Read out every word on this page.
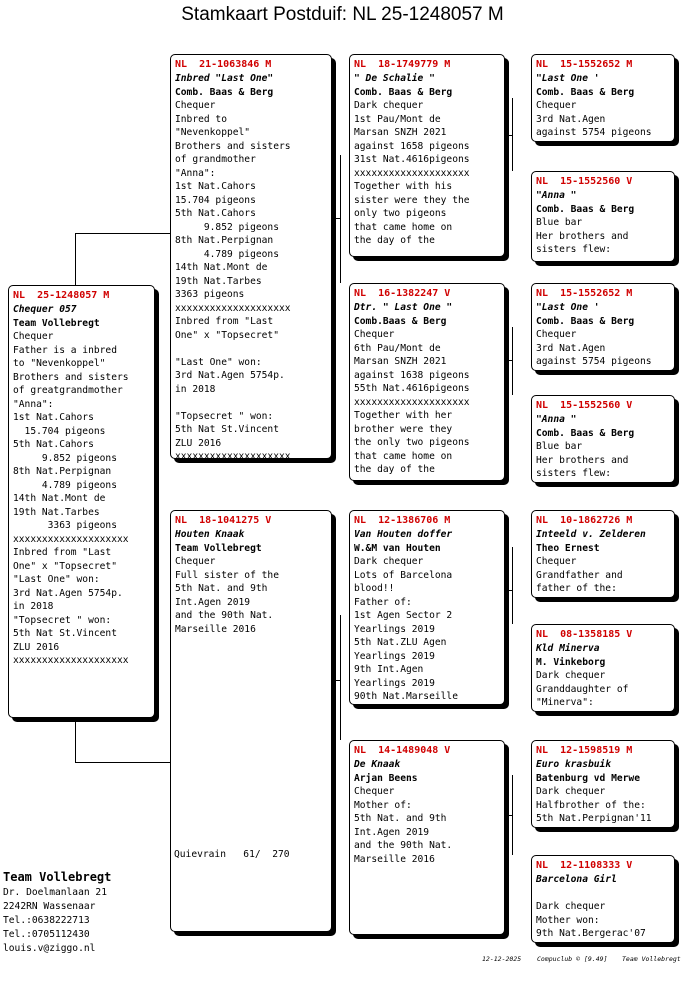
Stamkaart Postduif: NL 25-1248057 M
NL  25-1248057 M
Chequer 057
Team Vollebregt
Chequer
Father is a inbred
to "Nevenkoppel"
Brothers and sisters
of greatgrandmother
"Anna":
1st Nat.Cahors
15.704 pigeons
5th Nat.Cahors
9.852 pigeons
8th Nat.Perpignan
4.789 pigeons
14th Nat.Mont de
19th Nat.Tarbes
3363 pigeons
xxxxxxxxxxxxxxxxxxxx
Inbred from "Last
One" x "Topsecret"
"Last One" won:
3rd Nat.Agen 5754p.
in 2018
"Topsecret " won:
5th Nat St.Vincent
ZLU 2016
xxxxxxxxxxxxxxxxxxxx
NL  21-1063846 M
Inbred "Last One"
Comb. Baas & Berg
Chequer
Inbred to
"Nevenkoppel"
Brothers and sisters
of grandmother
"Anna":
1st Nat.Cahors
15.704 pigeons
5th Nat.Cahors
9.852 pigeons
8th Nat.Perpignan
4.789 pigeons
14th Nat.Mont de
19th Nat.Tarbes
3363 pigeons
xxxxxxxxxxxxxxxxxxxx
Inbred from "Last
One" x "Topsecret"

"Last One" won:
3rd Nat.Agen 5754p.
in 2018

"Topsecret " won:
5th Nat St.Vincent
ZLU 2016
xxxxxxxxxxxxxxxxxxxx
NL  18-1041275 V
Houten Knaak
Team Vollebregt
Chequer
Full sister of the
5th Nat. and 9th
Int.Agen 2019
and the 90th Nat.
Marseille 2016
NL  18-1749779 M
" De Schalie "
Comb. Baas & Berg
Dark chequer
1st Pau/Mont de
Marsan SNZH 2021
against 1658 pigeons
31st Nat.4616pigeons
xxxxxxxxxxxxxxxxxxxx
Together with his
sister were they the
only two pigeons
that came home on
the day of the
NL  16-1382247 V
Dtr. " Last One "
Comb.Baas & Berg
Chequer
6th Pau/Mont de
Marsan SNZH 2021
against 1638 pigeons
55th Nat.4616pigeons
xxxxxxxxxxxxxxxxxxxx
Together with her
brother were they
the only two pigeons
that came home on
the day of the
NL  12-1386706 M
Van Houten doffer
W.&M van Houten
Dark chequer
Lots of Barcelona
blood!!
Father of:
1st Agen Sector 2
Yearlings 2019
5th Nat.ZLU Agen
Yearlings 2019
9th Int.Agen
Yearlings 2019
90th Nat.Marseille
NL  14-1489048 V
De Knaak
Arjan Beens
Chequer
Mother of:
5th Nat. and 9th
Int.Agen 2019
and the 90th Nat.
Marseille 2016
NL  15-1552652 M
"Last One '
Comb. Baas & Berg
Chequer
3rd Nat.Agen
against 5754 pigeons
NL  15-1552560 V
"Anna "
Comb. Baas & Berg
Blue bar
Her brothers and
sisters flew:
NL  15-1552652 M
"Last One '
Comb. Baas & Berg
Chequer
3rd Nat.Agen
against 5754 pigeons
NL  15-1552560 V
"Anna "
Comb. Baas & Berg
Blue bar
Her brothers and
sisters flew:
NL  10-1862726 M
Inteeld v. Zelderen
Theo Ernest
Chequer
Grandfather and
father of the:
NL  08-1358185 V
Kld Minerva
M. Vinkeborg
Dark chequer
Granddaughter of
"Minerva":
NL  12-1598519 M
Euro krasbuik
Batenburg vd Merwe
Dark chequer
Halfbrother of the:
5th Nat.Perpignan'11
NL  12-1108333 V
Barcelona Girl

Dark chequer
Mother won:
9th Nat.Bergerac'07
Quievrain   61/  270
Team Vollebregt
Dr. Doelmanlaan 21
2242RN Wassenaar
Tel.:0638222713
Tel.:0705112430
louis.v@ziggo.nl
12-12-2025 Compuclub © [9.49] Team Vollebregt
